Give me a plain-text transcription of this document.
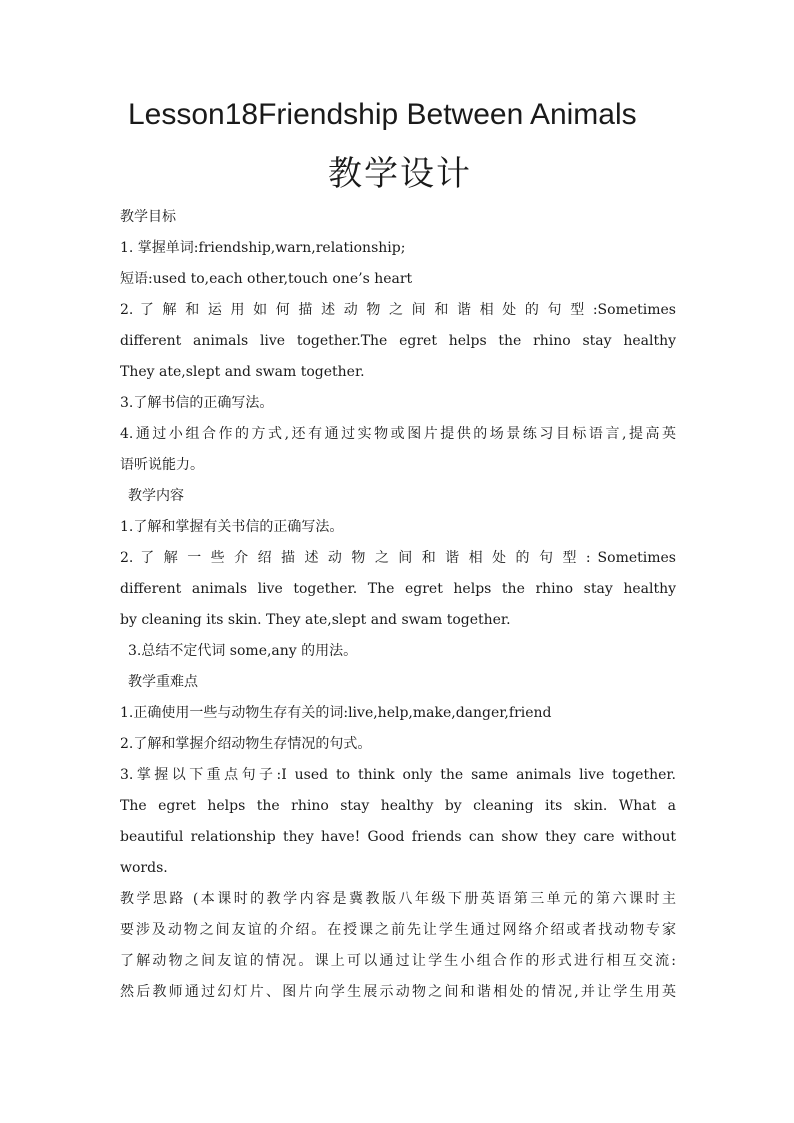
Lesson18Friendship Between Animals
教学设计
教学目标
1. 掌握单词:friendship,warn,relationship;
短语:used to,each other,touch one’s heart
2. 了 解 和 运 用 如 何 描 述 动 物 之 间 和 谐 相 处 的 句 型 :Sometimes
different animals live together.The egret helps the rhino stay healthy
They ate,slept and swam together.
3.了解书信的正确写法。
4.通过小组合作的方式,还有通过实物或图片提供的场景练习目标语言,提高英
语听说能力。
教学内容
1.了解和掌握有关书信的正确写法。
2. 了 解 一 些 介 绍 描 述 动 物 之 间 和 谐 相 处 的 句 型 : Sometimes
different animals live together. The egret helps the rhino stay healthy
by cleaning its skin. They ate,slept and swam together.
3.总结不定代词 some,any 的用法。
教学重难点
1.正确使用一些与动物生存有关的词:live,help,make,danger,friend
2.了解和掌握介绍动物生存情况的句式。
3.掌握以下重点句子:I used to think only the same animals live together.
The egret helps the rhino stay healthy by cleaning its skin. What a
beautiful relationship they have! Good friends can show they care without
words.
教学思路 (本课时的教学内容是冀教版八年级下册英语第三单元的第六课时主
要涉及动物之间友谊的介绍。在授课之前先让学生通过网络介绍或者找动物专家
了解动物之间友谊的情况。课上可以通过让学生小组合作的形式进行相互交流:
然后教师通过幻灯片、图片向学生展示动物之间和谐相处的情况,并让学生用英
